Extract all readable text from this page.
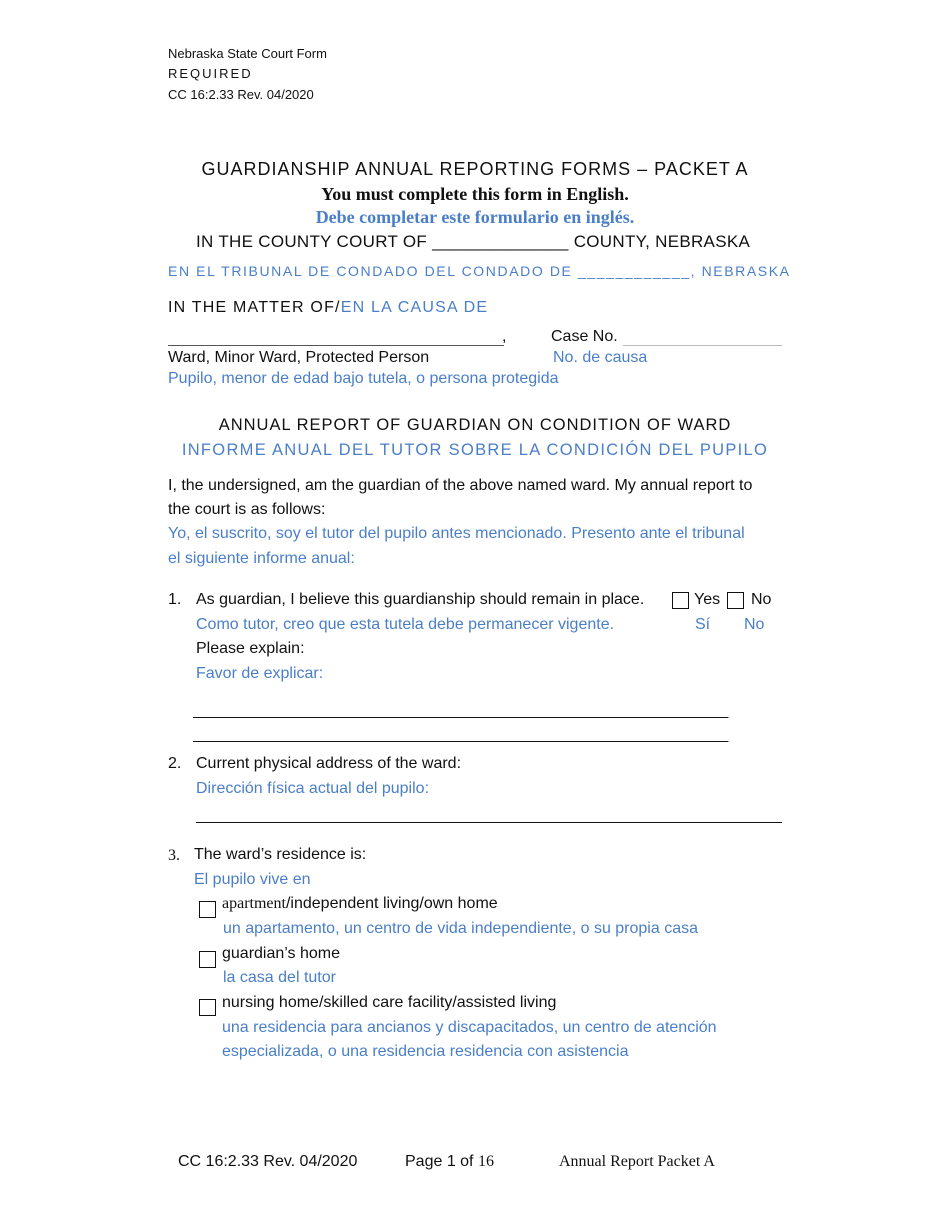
Nebraska State Court Form
REQUIRED
CC 16:2.33 Rev. 04/2020
GUARDIANSHIP ANNUAL REPORTING FORMS – PACKET A
You must complete this form in English.
Debe completar este formulario en inglés.
IN THE COUNTY COURT OF ______________ COUNTY, NEBRASKA
EN EL TRIBUNAL DE CONDADO DEL CONDADO DE ____________, NEBRASKA
IN THE MATTER OF/EN LA CAUSA DE
,	Case No.
Ward, Minor Ward, Protected Person	No. de causa
Pupilo, menor de edad bajo tutela, o persona protegida
ANNUAL REPORT OF GUARDIAN ON CONDITION OF WARD
INFORME ANUAL DEL TUTOR SOBRE LA CONDICIÓN DEL PUPILO
I, the undersigned, am the guardian of the above named ward. My annual report to
the court is as follows:
Yo, el suscrito, soy el tutor del pupilo antes mencionado. Presento ante el tribunal
el siguiente informe anual:
1. As guardian, I believe this guardianship should remain in place.	Yes No
Como tutor, creo que esta tutela debe permanecer vigente.	Sí No
Please explain:
Favor de explicar:
__________________________________________________________________
__________________________________________________________________
2. Current physical address of the ward:
Dirección física actual del pupilo:
3. The ward’s residence is:
El pupilo vive en
apartment/independent living/own home
un apartamento, un centro de vida independiente, o su propia casa
guardian’s home
la casa del tutor
nursing home/skilled care facility/assisted living
una residencia para ancianos y discapacitados, un centro de atención
especializada, o una residencia residencia con asistencia
CC 16:2.33 Rev. 04/2020	Page 1 of 16	Annual Report Packet A
